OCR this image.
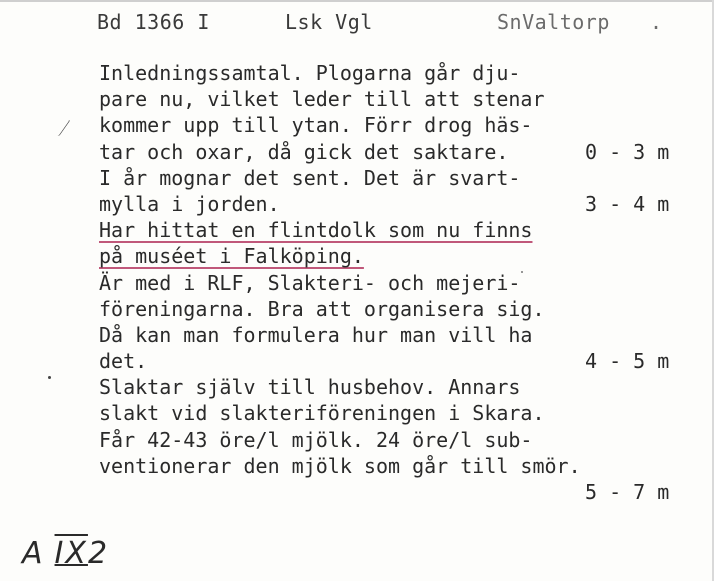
Bd 1366 I	Lsk Vgl	SnValtorp .
Inledningssamtal. Plogarna går dju-
pare nu, vilket leder till att stenar
kommer upp till ytan. Förr drog häs-
tar och oxar, då gick det saktare.	0 - 3 m
I år mognar det sent. Det är svart-
mylla i jorden.	3 - 4 m
Har hittat en flintdolk som nu finns
på muséet i Falköping.
Är med i RLF, Slakteri- och mejeri-
föreningarna. Bra att organisera sig.
Då kan man formulera hur man vill ha
det.	4 - 5 m
Slaktar själv till husbehov. Annars
slakt vid slakteriföreningen i Skara.
Får 42-43 öre/l mjölk. 24 öre/l sub-
ventionerar den mjölk som går till smör.
5 - 7 m
A IX2
